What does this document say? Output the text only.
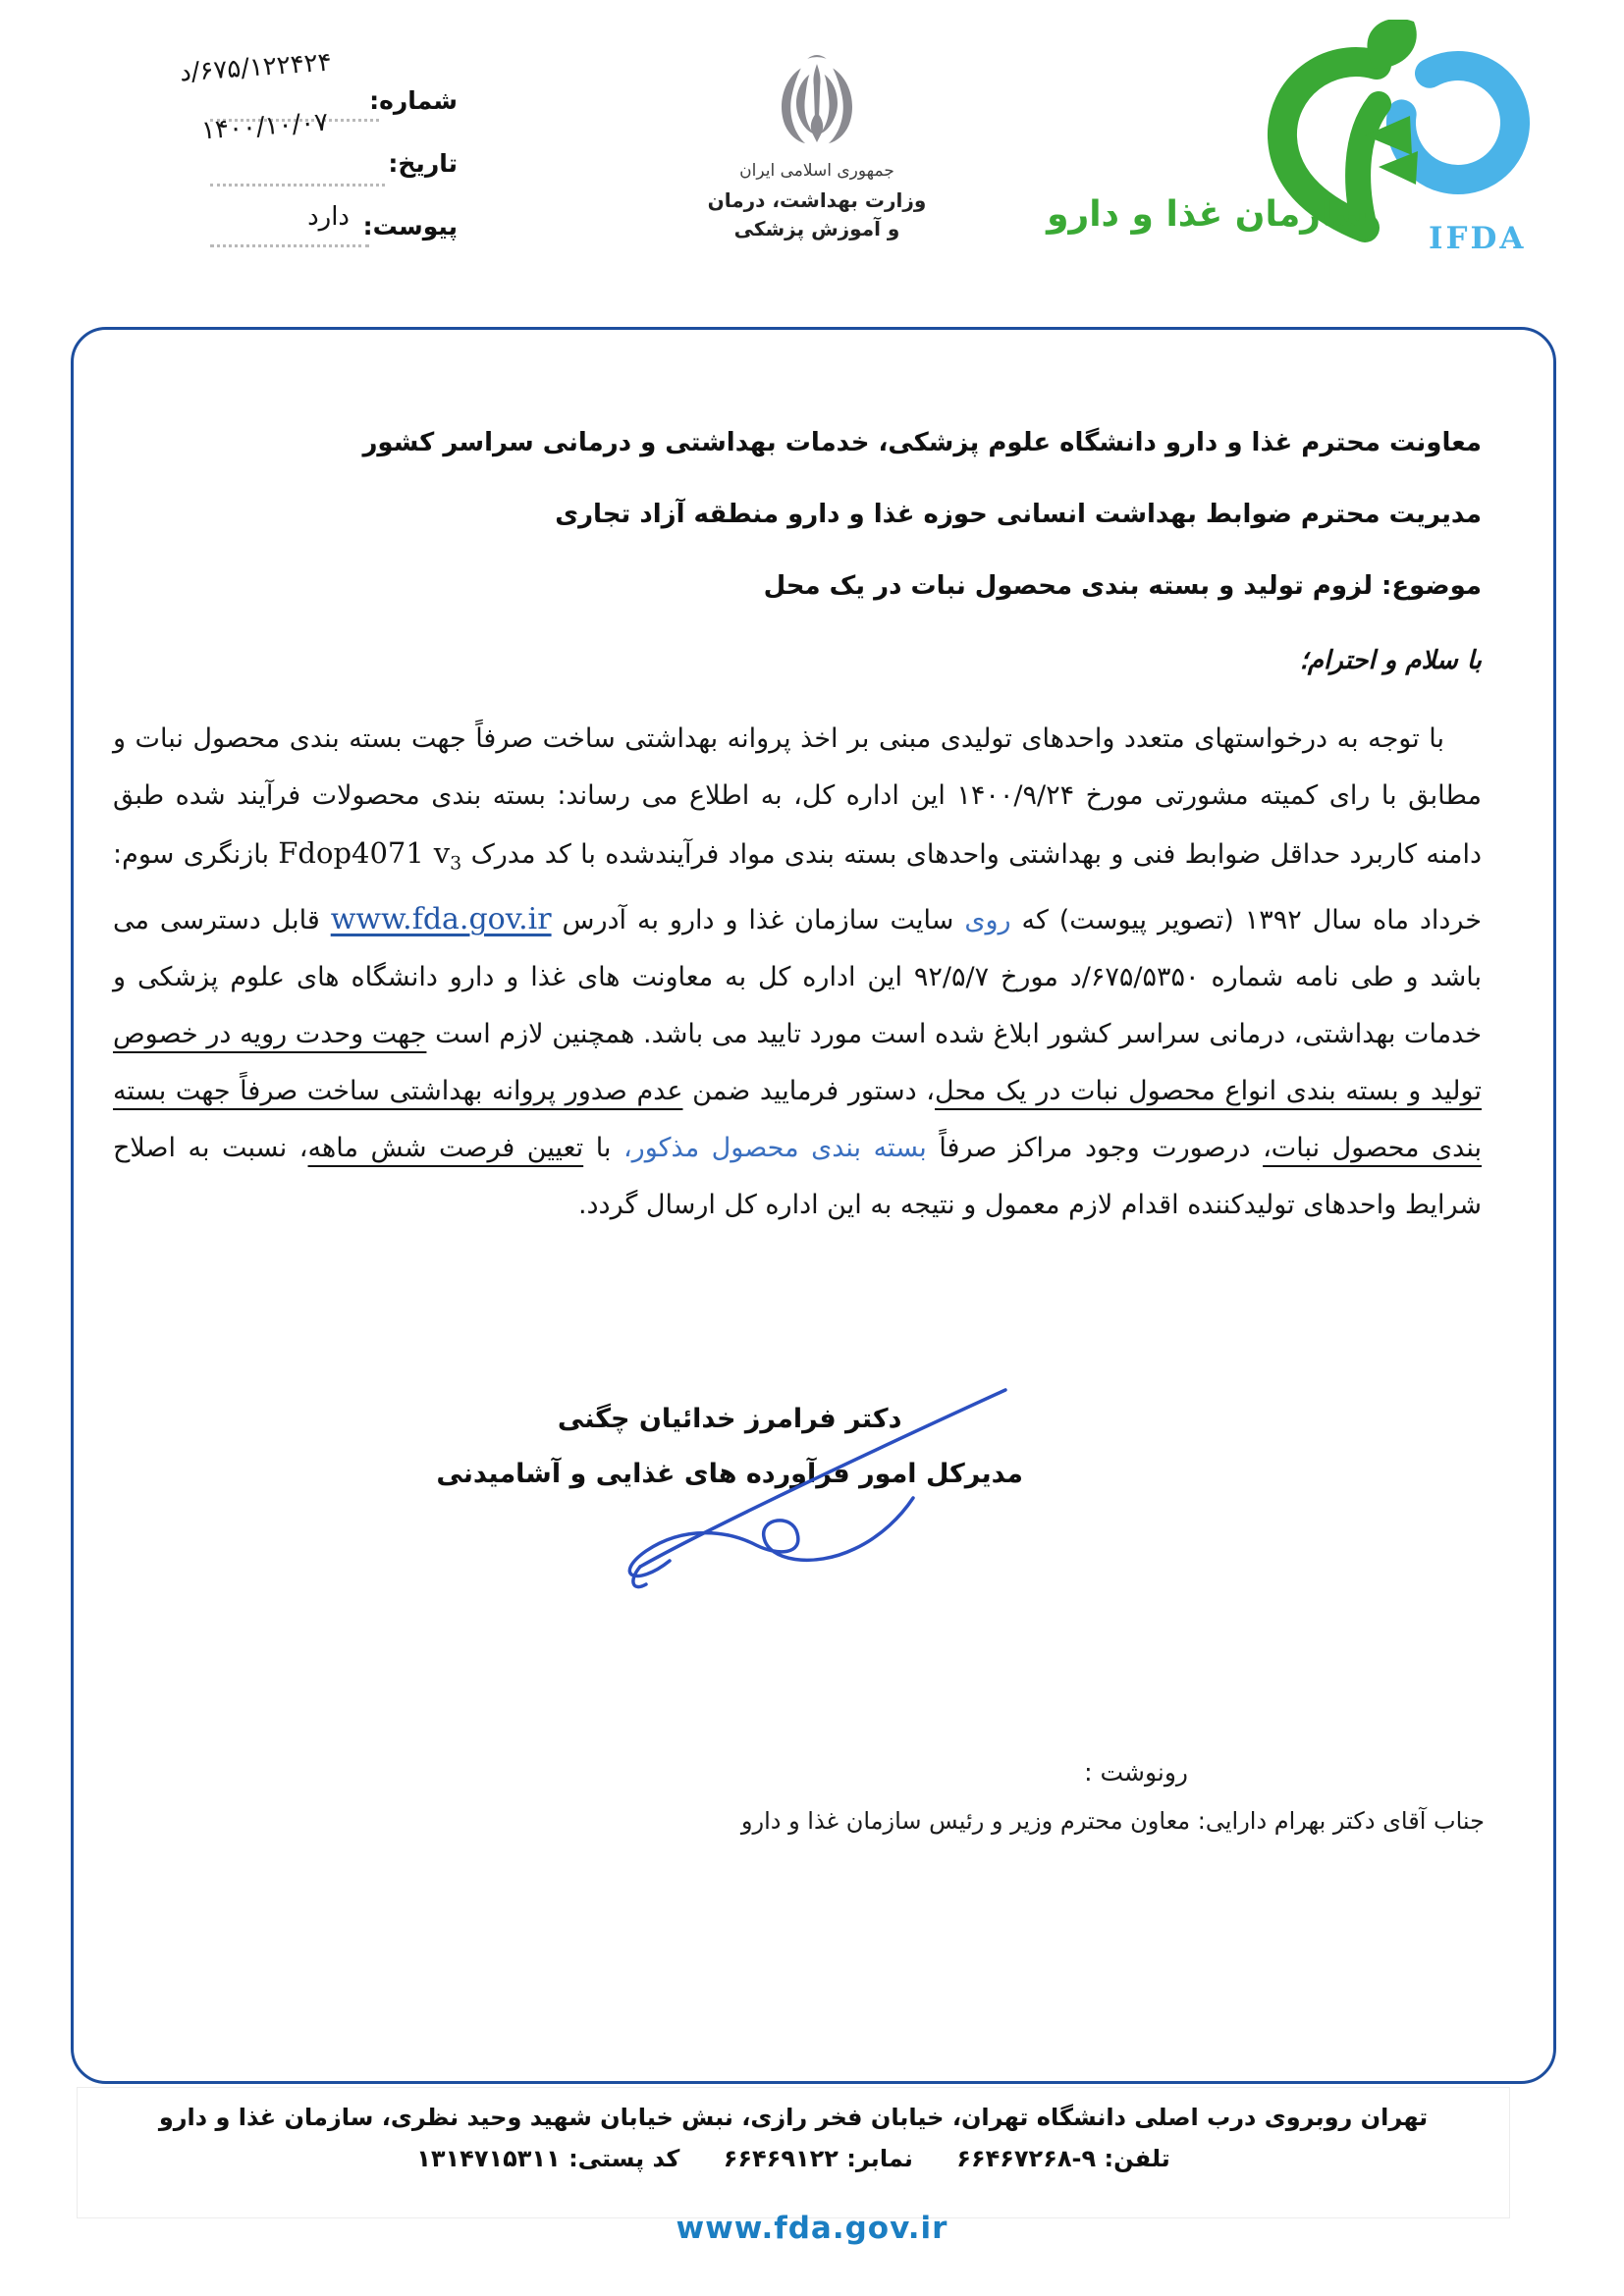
۶۷۵/۱۲۲۴۲۴/د
شماره:
۱۴۰۰/۱۰/۰۷
تاریخ:
دارد پیوست:
جمهوری اسلامی ایران
وزارت بهداشت، درمان
و آموزش پزشکی	سازمان غذا و دارو
IFDA
معاونت محترم غذا و دارو دانشگاه علوم پزشکی، خدمات بهداشتی و درمانی سراسر کشور
مدیریت محترم ضوابط بهداشت انسانی حوزه غذا و دارو منطقه آزاد تجاری
موضوع: لزوم تولید و بسته بندی محصول نبات در یک محل
با سلام و احترام؛

با توجه به درخواستهای متعدد واحدهای تولیدی مبنی بر اخذ پروانه بهداشتی ساخت صرفاً جهت بسته بندی محصول نبات و مطابق با رای کمیته مشورتی مورخ ۱۴۰۰/۹/۲۴ این اداره کل، به اطلاع می رساند: بسته بندی محصولات فرآیند شده طبق دامنه کاربرد حداقل ضوابط فنی و بهداشتی واحدهای بسته بندی مواد فرآیندشده با کد مدرک Fdop4071 $v_3$ بازنگری سوم: خرداد ماه سال ۱۳۹۲ (تصویر پیوست) که روی سایت سازمان غذا و دارو به آدرس www.fda.gov.ir قابل دسترسی می باشد و طی نامه شماره ۶۷۵/۵۳۵۰/د مورخ ۹۲/۵/۷ این اداره کل به معاونت های غذا و دارو دانشگاه های علوم پزشکی و خدمات بهداشتی، درمانی سراسر کشور ابلاغ شده است مورد تایید می باشد. همچنین لازم است جهت وحدت رویه در خصوص تولید و بسته بندی انواع محصول نبات در یک محل، دستور فرمایید ضمن عدم صدور پروانه بهداشتی ساخت صرفاً جهت بسته بندی محصول نبات، درصورت وجود مراکز صرفاً بسته بندی محصول مذکور، با تعیین فرصت شش ماهه، نسبت به اصلاح شرایط واحدهای تولیدکننده اقدام لازم معمول و نتیجه به این اداره کل ارسال گردد.

دکتر فرامرز خدائیان چگنی
مدیرکل امور فرآورده های غذایی و آشامیدنی
رونوشت :
جناب آقای دکتر بهرام دارایی: معاون محترم وزیر و رئیس سازمان غذا و دارو
تهران روبروی درب اصلی دانشگاه تهران، خیابان فخر رازی، نبش خیابان شهید وحید نظری، سازمان غذا و دارو
تلفن: ۹-۶۶۴۶۷۲۶۸ نمابر: ۶۶۴۶۹۱۲۲ کد پستی: ۱۳۱۴۷۱۵۳۱۱
www.fda.gov.ir
